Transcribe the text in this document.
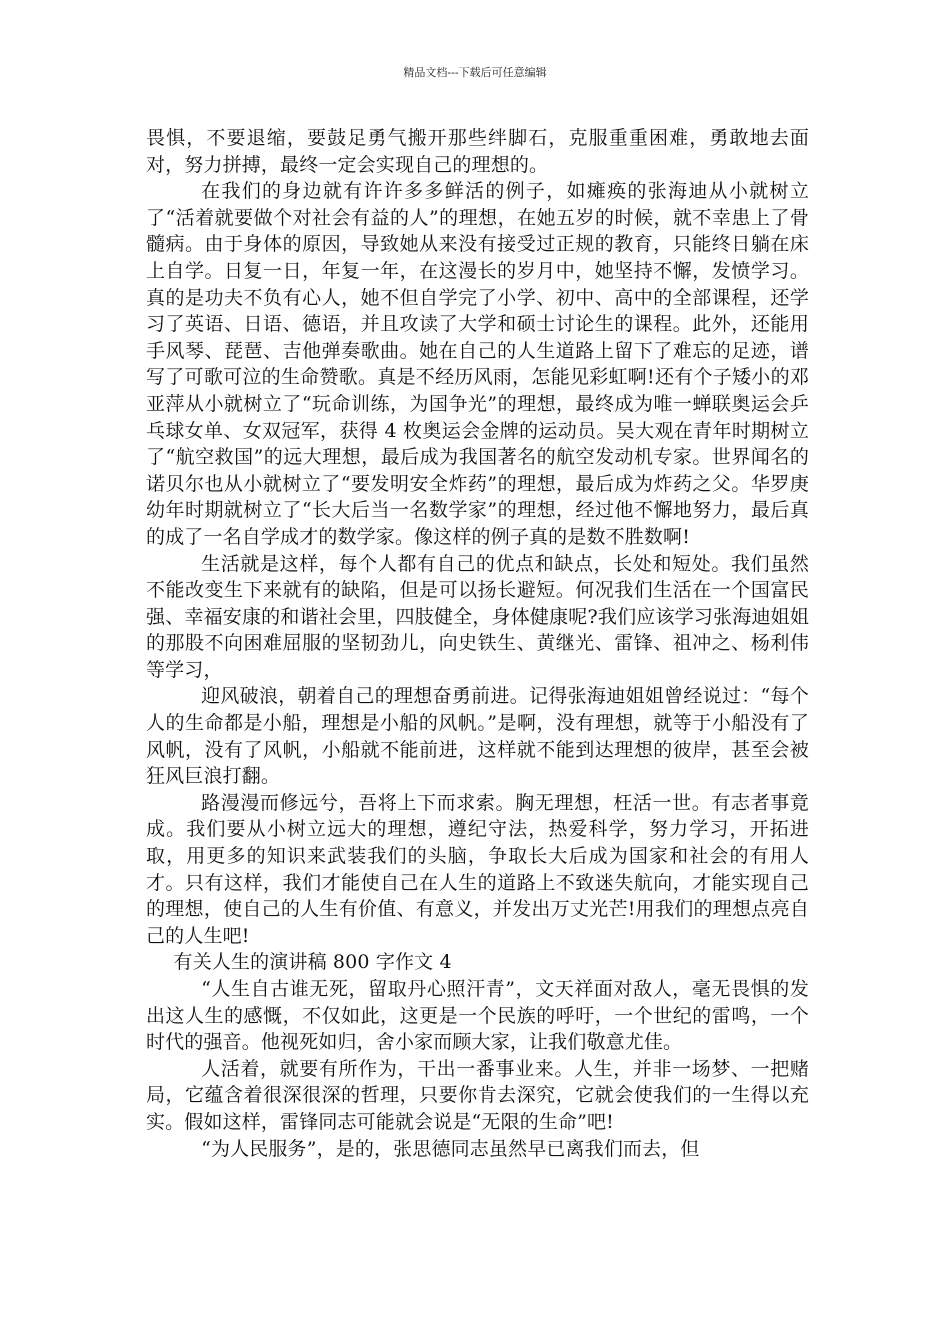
精品文档---下载后可任意编辑

畏惧，不要退缩，要鼓足勇气搬开那些绊脚石，克服重重困难，勇敢地去面对，努力拼搏，最终一定会实现自己的理想的。

在我们的身边就有许许多多鲜活的例子，如瘫痪的张海迪从小就树立了“活着就要做个对社会有益的人”的理想，在她五岁的时候，就不幸患上了骨髓病。由于身体的原因，导致她从来没有接受过正规的教育，只能终日躺在床上自学。日复一日，年复一年，在这漫长的岁月中，她坚持不懈，发愤学习。真的是功夫不负有心人，她不但自学完了小学、初中、高中的全部课程，还学习了英语、日语、德语，并且攻读了大学和硕士讨论生的课程。此外，还能用手风琴、琵琶、吉他弹奏歌曲。她在自己的人生道路上留下了难忘的足迹，谱写了可歌可泣的生命赞歌。真是不经历风雨，怎能见彩虹啊!还有个子矮小的邓亚萍从小就树立了“玩命训练，为国争光”的理想，最终成为唯一蝉联奥运会乒乓球女单、女双冠军，获得 4 枚奥运会金牌的运动员。吴大观在青年时期树立了“航空救国”的远大理想，最后成为我国著名的航空发动机专家。世界闻名的诺贝尔也从小就树立了“要发明安全炸药”的理想，最后成为炸药之父。华罗庚幼年时期就树立了“长大后当一名数学家”的理想，经过他不懈地努力，最后真的成了一名自学成才的数学家。像这样的例子真的是数不胜数啊!

生活就是这样，每个人都有自己的优点和缺点，长处和短处。我们虽然不能改变生下来就有的缺陷，但是可以扬长避短。何况我们生活在一个国富民强、幸福安康的和谐社会里，四肢健全，身体健康呢?我们应该学习张海迪姐姐的那股不向困难屈服的坚韧劲儿，向史铁生、黄继光、雷锋、祖冲之、杨利伟等学习，

迎风破浪，朝着自己的理想奋勇前进。记得张海迪姐姐曾经说过：“每个人的生命都是小船，理想是小船的风帆。”是啊，没有理想，就等于小船没有了风帆，没有了风帆，小船就不能前进，这样就不能到达理想的彼岸，甚至会被狂风巨浪打翻。

路漫漫而修远兮，吾将上下而求索。胸无理想，枉活一世。有志者事竟成。我们要从小树立远大的理想，遵纪守法，热爱科学，努力学习，开拓进取，用更多的知识来武装我们的头脑，争取长大后成为国家和社会的有用人才。只有这样，我们才能使自己在人生的道路上不致迷失航向，才能实现自己的理想，使自己的人生有价值、有意义，并发出万丈光芒!用我们的理想点亮自己的人生吧!

有关人生的演讲稿 800 字作文 4

“人生自古谁无死，留取丹心照汗青”，文天祥面对敌人，毫无畏惧的发出这人生的感慨，不仅如此，这更是一个民族的呼吁，一个世纪的雷鸣，一个时代的强音。他视死如归，舍小家而顾大家，让我们敬意尤佳。

人活着，就要有所作为，干出一番事业来。人生，并非一场梦、一把赌局，它蕴含着很深很深的哲理，只要你肯去深究，它就会使我们的一生得以充实。假如这样，雷锋同志可能就会说是“无限的生命”吧!

“为人民服务”，是的，张思德同志虽然早已离我们而去，但
